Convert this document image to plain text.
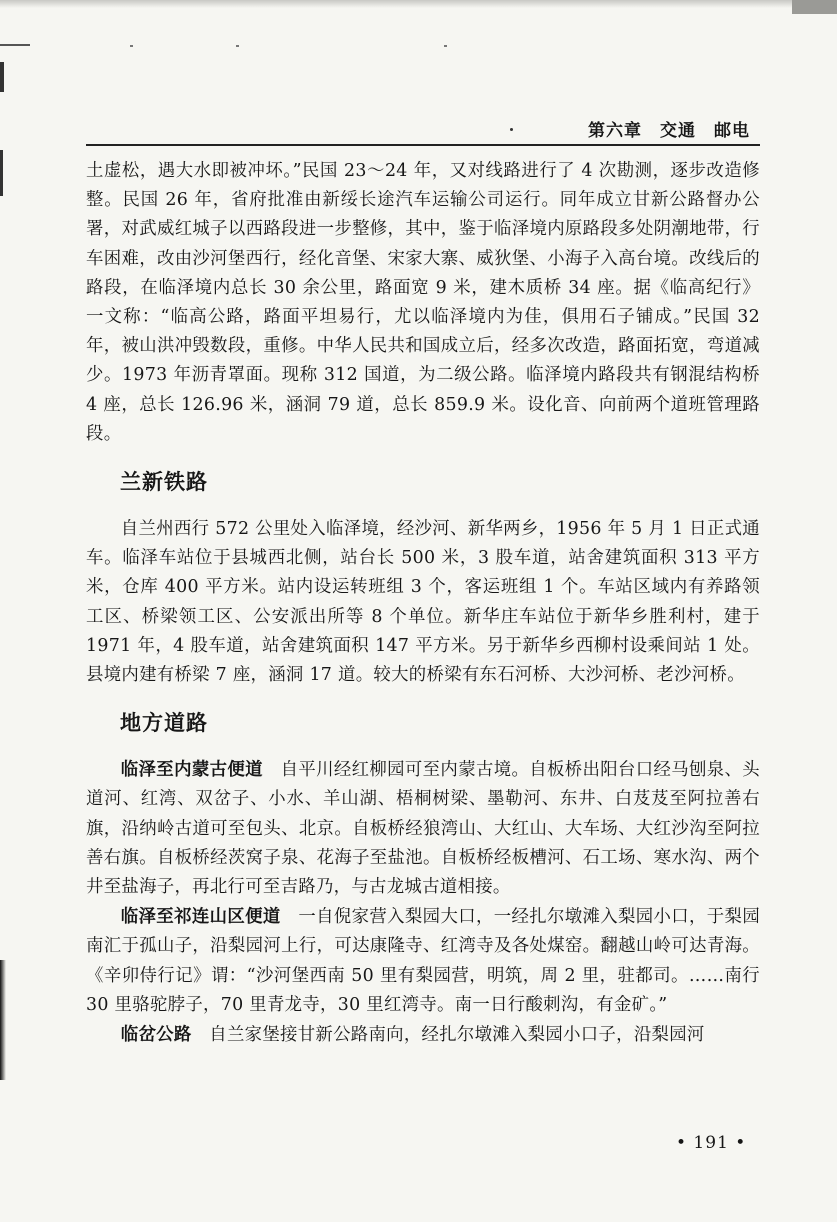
第六章　交通　邮电

土虚松，遇大水即被冲坏。”民国 23～24 年，又对线路进行了 4 次勘测，逐步改造修整。民国 26 年，省府批准由新绥长途汽车运输公司运行。同年成立甘新公路督办公署，对武威红城子以西路段进一步整修，其中，鉴于临泽境内原路段多处阴潮地带，行车困难，改由沙河堡西行，经化音堡、宋家大寨、威狄堡、小海子入高台境。改线后的路段，在临泽境内总长 30 余公里，路面宽 9 米，建木质桥 34 座。据《临高纪行》一文称：“临高公路，路面平坦易行，尤以临泽境内为佳，俱用石子铺成。”民国 32 年，被山洪冲毁数段，重修。中华人民共和国成立后，经多次改造，路面拓宽，弯道减少。1973 年沥青罩面。现称 312 国道，为二级公路。临泽境内路段共有钢混结构桥 4 座，总长 126.96 米，涵洞 79 道，总长 859.9 米。设化音、向前两个道班管理路段。

兰新铁路

自兰州西行 572 公里处入临泽境，经沙河、新华两乡，1956 年 5 月 1 日正式通车。临泽车站位于县城西北侧，站台长 500 米，3 股车道，站舍建筑面积 313 平方米，仓库 400 平方米。站内设运转班组 3 个，客运班组 1 个。车站区域内有养路领工区、桥梁领工区、公安派出所等 8 个单位。新华庄车站位于新华乡胜利村，建于 1971 年，4 股车道，站舍建筑面积 147 平方米。另于新华乡西柳村设乘间站 1 处。县境内建有桥梁 7 座，涵洞 17 道。较大的桥梁有东石河桥、大沙河桥、老沙河桥。

地方道路

临泽至内蒙古便道　自平川经红柳园可至内蒙古境。自板桥出阳台口经马刨泉、头道河、红湾、双岔子、小水、羊山湖、梧桐树梁、墨勒河、东井、白芨芨至阿拉善右旗，沿纳岭古道可至包头、北京。自板桥经狼湾山、大红山、大车场、大红沙沟至阿拉善右旗。自板桥经茨窝子泉、花海子至盐池。自板桥经板槽河、石工场、寒水沟、两个井至盐海子，再北行可至吉路乃，与古龙城古道相接。

临泽至祁连山区便道　一自倪家营入梨园大口，一经扎尔墩滩入梨园小口，于梨园南汇于孤山子，沿梨园河上行，可达康隆寺、红湾寺及各处煤窑。翻越山岭可达青海。《辛卯侍行记》谓：“沙河堡西南 50 里有梨园营，明筑，周 2 里，驻都司。……南行 30 里骆驼脖子，70 里青龙寺，30 里红湾寺。南一日行酸刺沟，有金矿。”

临岔公路　自兰家堡接甘新公路南向，经扎尔墩滩入梨园小口子，沿梨园河

• 191 •
